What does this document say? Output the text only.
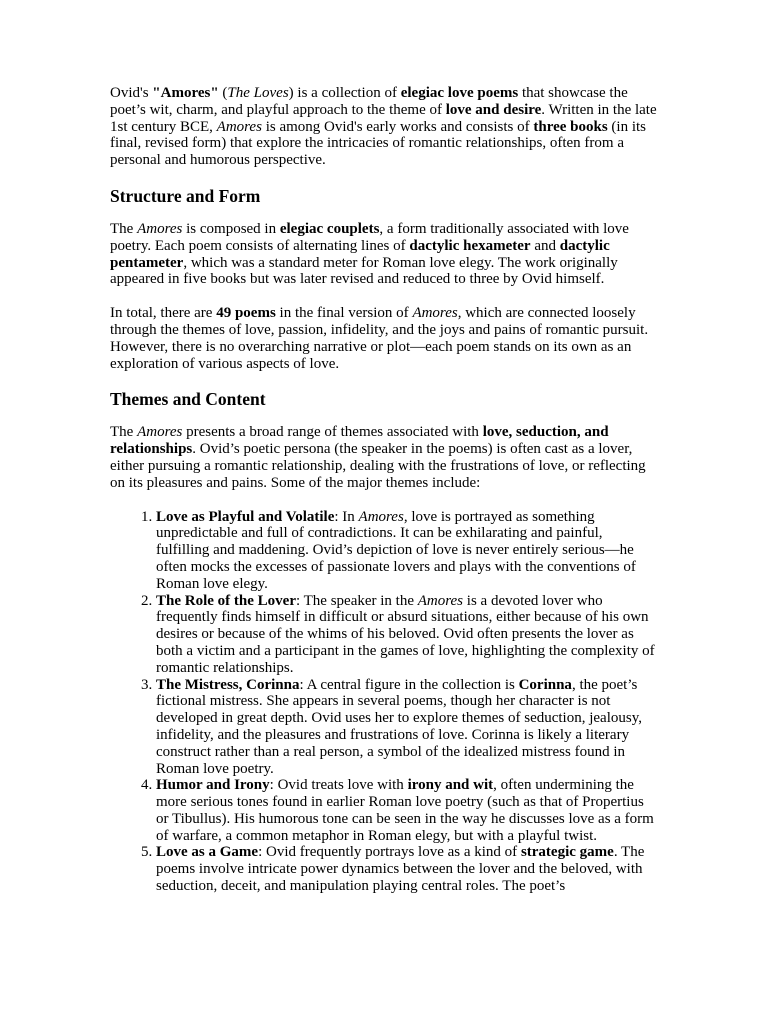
Ovid's "Amores" (The Loves) is a collection of elegiac love poems that showcase the poet’s wit, charm, and playful approach to the theme of love and desire. Written in the late 1st century BCE, Amores is among Ovid's early works and consists of three books (in its final, revised form) that explore the intricacies of romantic relationships, often from a personal and humorous perspective.

Structure and Form

The Amores is composed in elegiac couplets, a form traditionally associated with love poetry. Each poem consists of alternating lines of dactylic hexameter and dactylic pentameter, which was a standard meter for Roman love elegy. The work originally appeared in five books but was later revised and reduced to three by Ovid himself.

In total, there are 49 poems in the final version of Amores, which are connected loosely through the themes of love, passion, infidelity, and the joys and pains of romantic pursuit. However, there is no overarching narrative or plot—each poem stands on its own as an exploration of various aspects of love.

Themes and Content

The Amores presents a broad range of themes associated with love, seduction, and relationships. Ovid’s poetic persona (the speaker in the poems) is often cast as a lover, either pursuing a romantic relationship, dealing with the frustrations of love, or reflecting on its pleasures and pains. Some of the major themes include:

1. Love as Playful and Volatile: In Amores, love is portrayed as something unpredictable and full of contradictions. It can be exhilarating and painful, fulfilling and maddening. Ovid’s depiction of love is never entirely serious—he often mocks the excesses of passionate lovers and plays with the conventions of Roman love elegy.
2. The Role of the Lover: The speaker in the Amores is a devoted lover who frequently finds himself in difficult or absurd situations, either because of his own desires or because of the whims of his beloved. Ovid often presents the lover as both a victim and a participant in the games of love, highlighting the complexity of romantic relationships.
3. The Mistress, Corinna: A central figure in the collection is Corinna, the poet’s fictional mistress. She appears in several poems, though her character is not developed in great depth. Ovid uses her to explore themes of seduction, jealousy, infidelity, and the pleasures and frustrations of love. Corinna is likely a literary construct rather than a real person, a symbol of the idealized mistress found in Roman love poetry.
4. Humor and Irony: Ovid treats love with irony and wit, often undermining the more serious tones found in earlier Roman love poetry (such as that of Propertius or Tibullus). His humorous tone can be seen in the way he discusses love as a form of warfare, a common metaphor in Roman elegy, but with a playful twist.
5. Love as a Game: Ovid frequently portrays love as a kind of strategic game. The poems involve intricate power dynamics between the lover and the beloved, with seduction, deceit, and manipulation playing central roles. The poet’s
